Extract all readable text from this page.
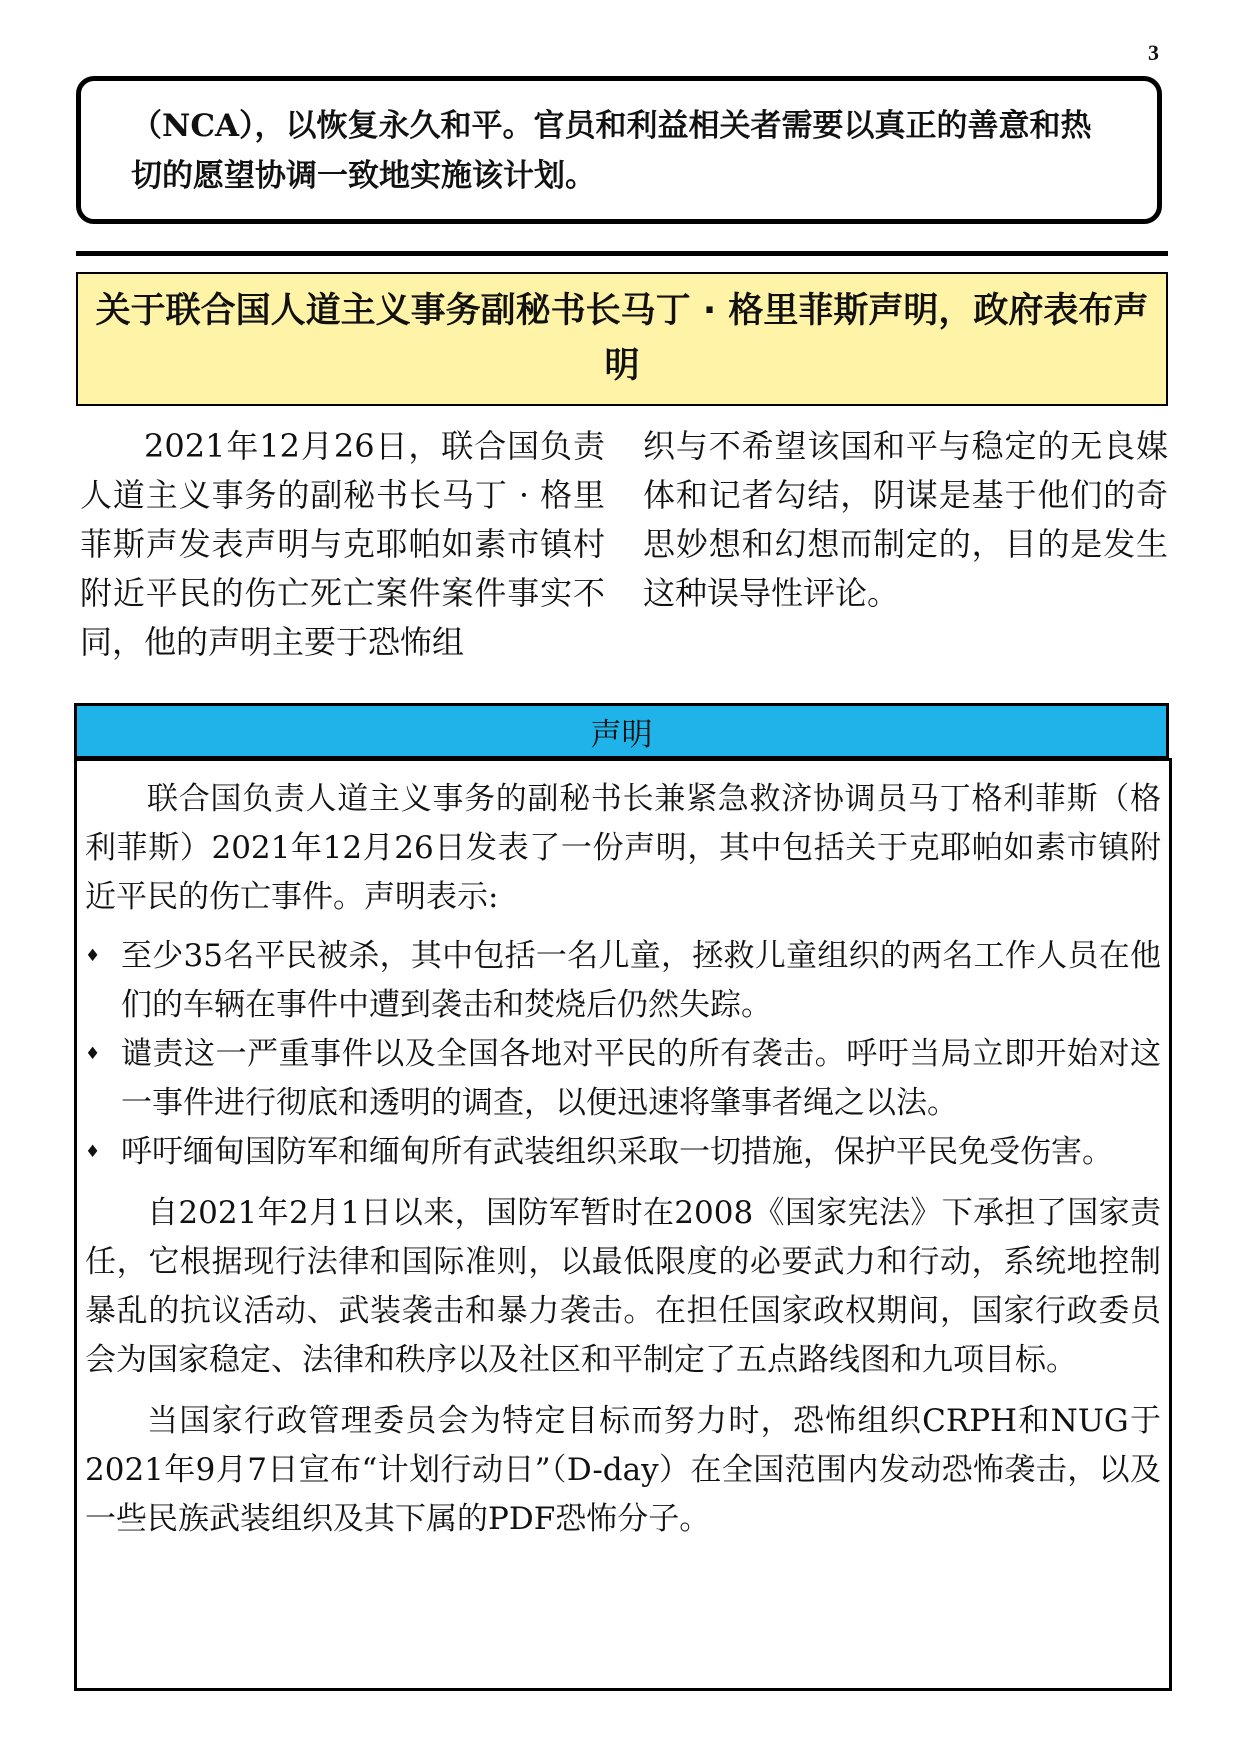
3

（NCA），以恢复永久和平。官员和利益相关者需要以真正的善意和热

切的愿望协调一致地实施该计划。

关于联合国人道主义事务副秘书长马丁 · 格里菲斯声明，政府表布声明

2021年12月26日，联合国负责人道主义事务的副秘书长马丁 · 格里菲斯声发表声明与克耶帕如素市镇村附近平民的伤亡死亡案件案件事实不同，他的声明主要于恐怖组

织与不希望该国和平与稳定的无良媒体和记者勾结，阴谋是基于他们的奇思妙想和幻想而制定的，目的是发生这种误导性评论。

声明

联合国负责人道主义事务的副秘书长兼紧急救济协调员马丁格利菲斯（格利菲斯）2021年12月26日发表了一份声明，其中包括关于克耶帕如素市镇附近平民的伤亡事件。声明表示:

♦ 至少35名平民被杀，其中包括一名儿童，拯救儿童组织的两名工作人员在他们的车辆在事件中遭到袭击和焚烧后仍然失踪。
♦ 谴责这一严重事件以及全国各地对平民的所有袭击。呼吁当局立即开始对这一事件进行彻底和透明的调查，以便迅速将肇事者绳之以法。
♦ 呼吁缅甸国防军和缅甸所有武装组织采取一切措施，保护平民免受伤害。

自2021年2月1日以来，国防军暂时在2008《国家宪法》下承担了国家责任，它根据现行法律和国际准则，以最低限度的必要武力和行动，系统地控制暴乱的抗议活动、武装袭击和暴力袭击。在担任国家政权期间，国家行政委员会为国家稳定、法律和秩序以及社区和平制定了五点路线图和九项目标。

当国家行政管理委员会为特定目标而努力时，恐怖组织CRPH和NUG于2021年9月7日宣布“计划行动日”（D-day）在全国范围内发动恐怖袭击，以及一些民族武装组织及其下属的PDF恐怖分子。
